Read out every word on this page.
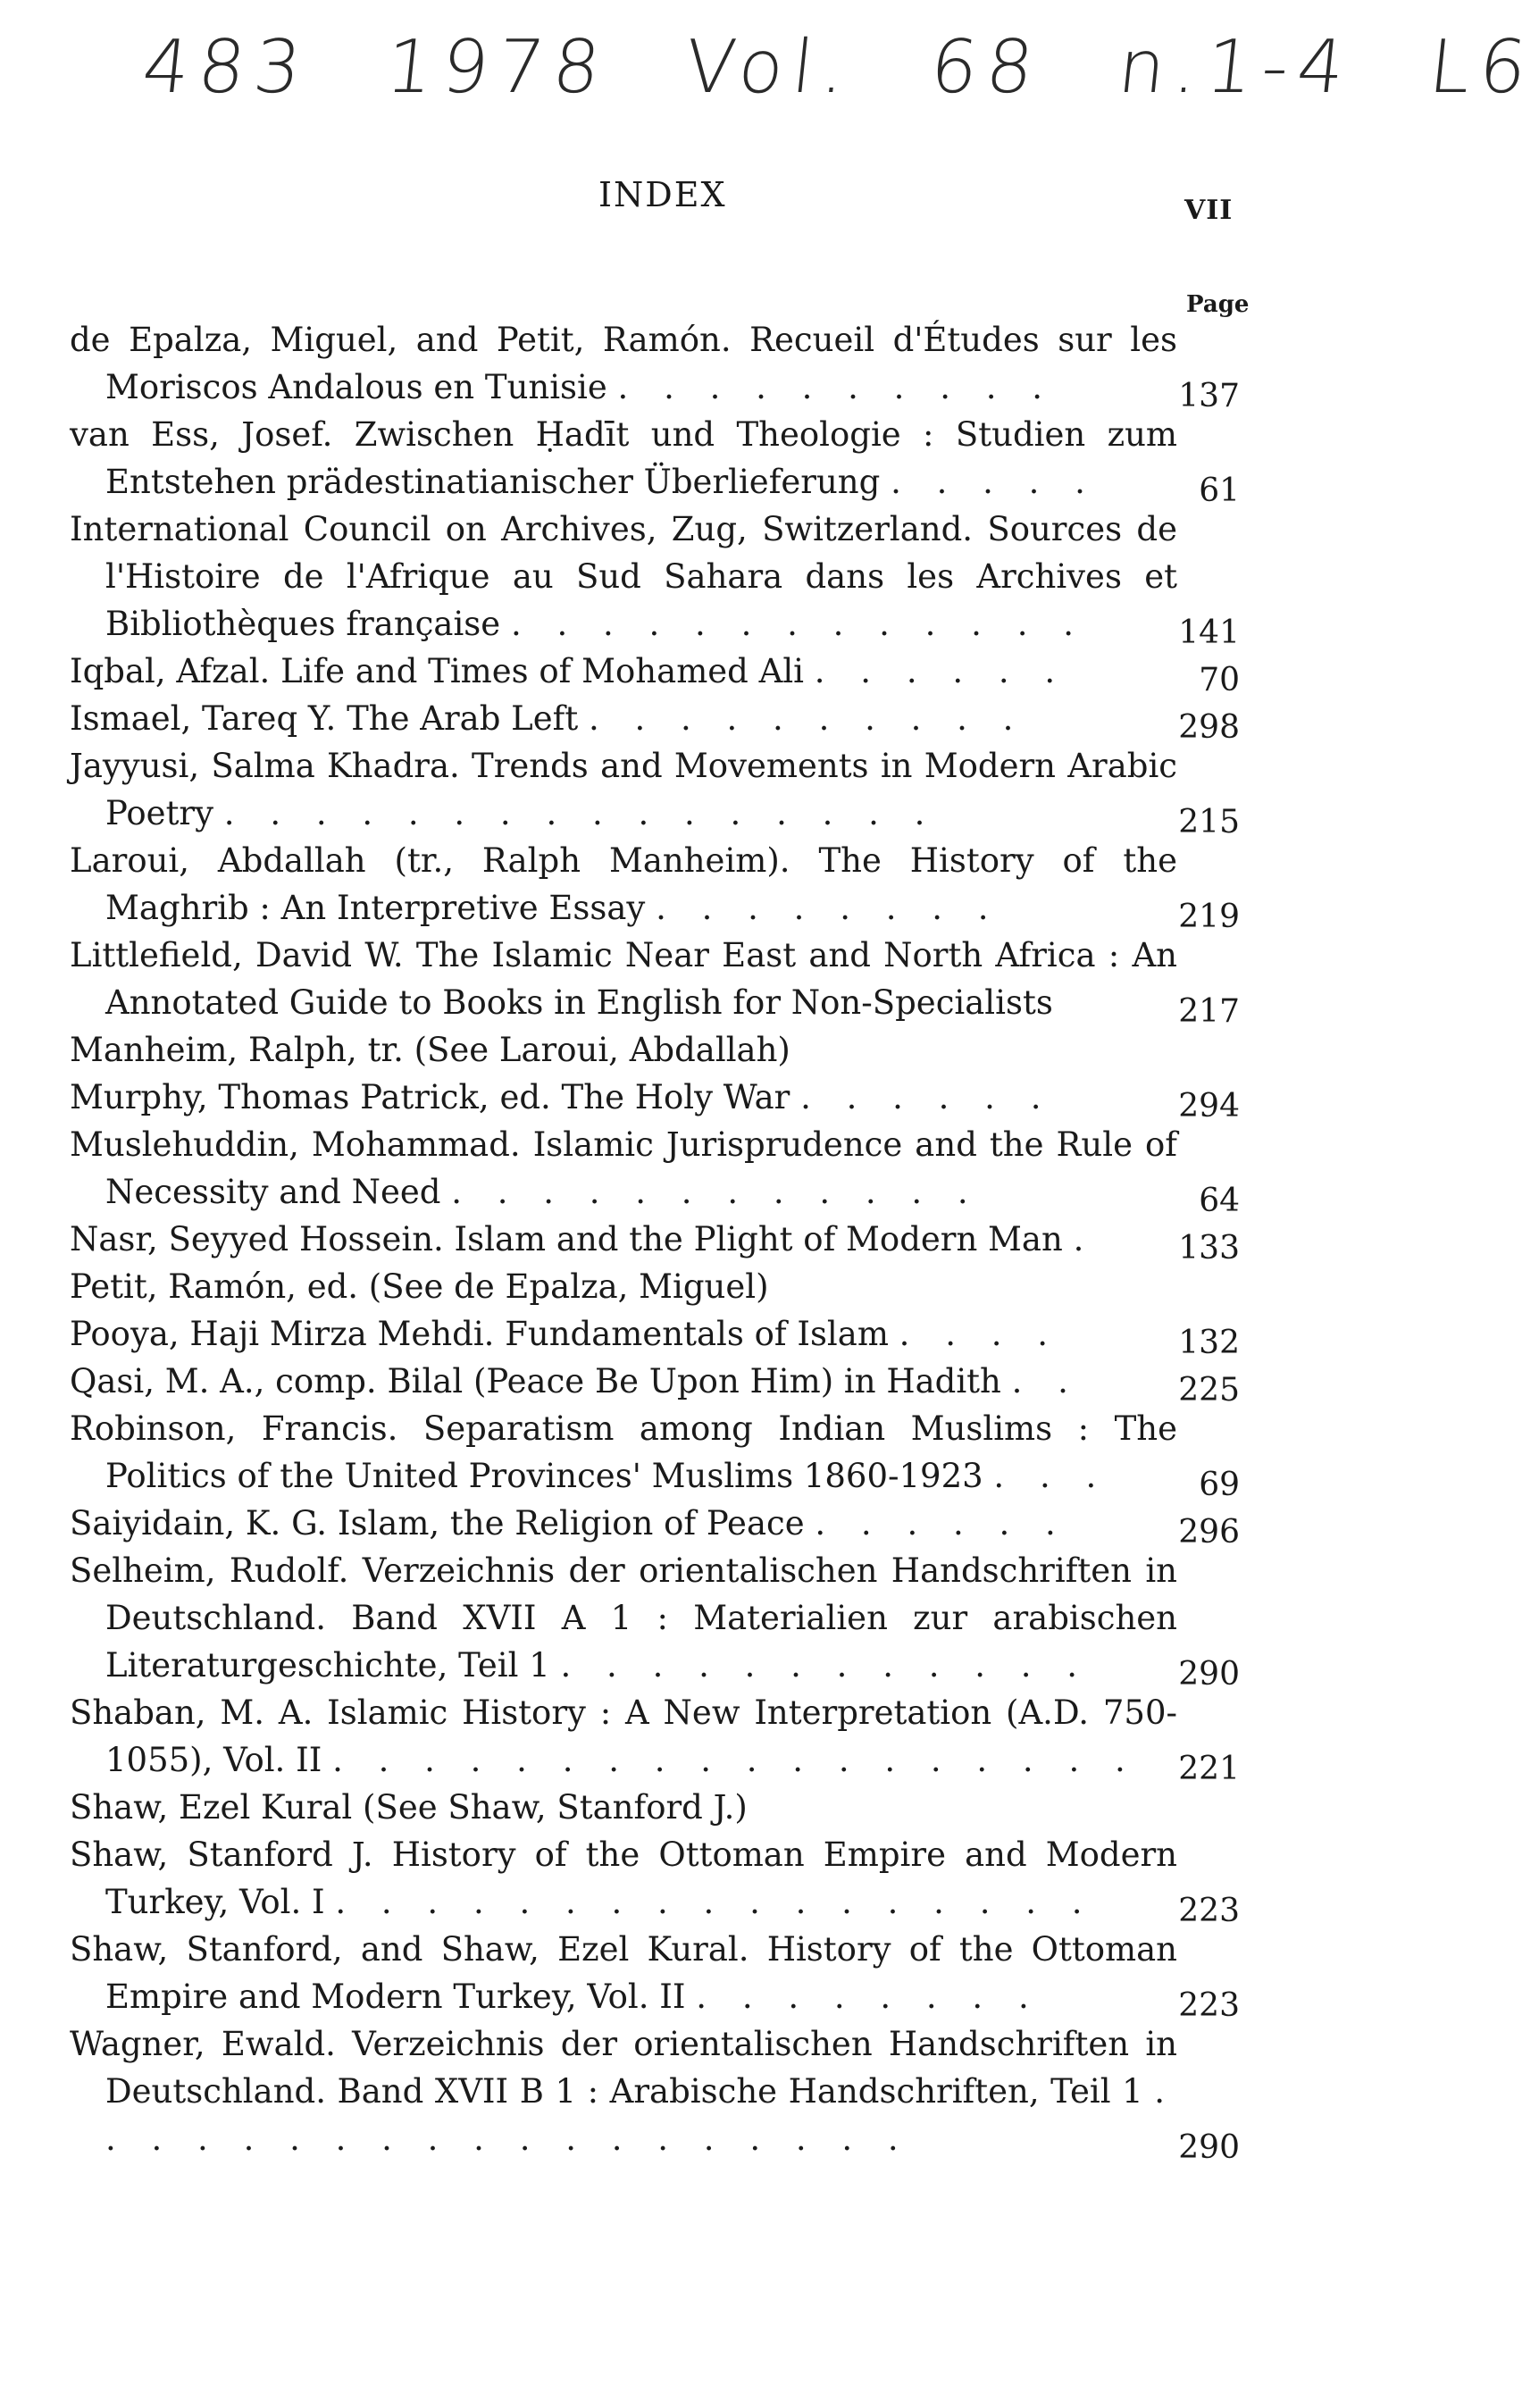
483 1978 Vol. 68 n.1-4 L6
INDEX	VII
Page
de Epalza, Miguel, and Petit, Ramón. Recueil d'Études sur les Moriscos Andalous en Tunisie . . . . . . . . . .	137
van Ess, Josef. Zwischen Ḥadīt und Theologie : Studien zum Entstehen prädestinatianischer Überlieferung . . . . .	61
International Council on Archives, Zug, Switzerland. Sources de l'Histoire de l'Afrique au Sud Sahara dans les Archives et Bibliothèques française . . . . . . . . . . . . .	141
Iqbal, Afzal. Life and Times of Mohamed Ali . . . . . .	70
Ismael, Tareq Y. The Arab Left . . . . . . . . . .	298
Jayyusi, Salma Khadra. Trends and Movements in Modern Arabic Poetry . . . . . . . . . . . . . . . .	215
Laroui, Abdallah (tr., Ralph Manheim). The History of the Maghrib : An Interpretive Essay . . . . . . . .	219
Littlefield, David W. The Islamic Near East and North Africa : An Annotated Guide to Books in English for Non-Specialists	217
Manheim, Ralph, tr. (See Laroui, Abdallah)
Murphy, Thomas Patrick, ed. The Holy War . . . . . .	294
Muslehuddin, Mohammad. Islamic Jurisprudence and the Rule of Necessity and Need . . . . . . . . . . . .	64
Nasr, Seyyed Hossein. Islam and the Plight of Modern Man .	133
Petit, Ramón, ed. (See de Epalza, Miguel)
Pooya, Haji Mirza Mehdi. Fundamentals of Islam . . . .	132
Qasi, M. A., comp. Bilal (Peace Be Upon Him) in Hadith . .	225
Robinson, Francis. Separatism among Indian Muslims : The Politics of the United Provinces' Muslims 1860-1923 . . .	69
Saiyidain, K. G. Islam, the Religion of Peace . . . . . .	296
Selheim, Rudolf. Verzeichnis der orientalischen Handschriften in Deutschland. Band XVII A 1 : Materialien zur arabischen Literaturgeschichte, Teil 1 . . . . . . . . . . . .	290
Shaban, M. A. Islamic History : A New Interpretation (A.D. 750-1055), Vol. II . . . . . . . . . . . . . . . . . .	221
Shaw, Ezel Kural (See Shaw, Stanford J.)
Shaw, Stanford J. History of the Ottoman Empire and Modern Turkey, Vol. I . . . . . . . . . . . . . . . . .	223
Shaw, Stanford, and Shaw, Ezel Kural. History of the Ottoman Empire and Modern Turkey, Vol. II . . . . . . . .	223
Wagner, Ewald. Verzeichnis der orientalischen Handschriften in Deutschland. Band XVII B 1 : Arabische Handschriften, Teil 1 . . . . . . . . . . . . . . . . . . .	290
